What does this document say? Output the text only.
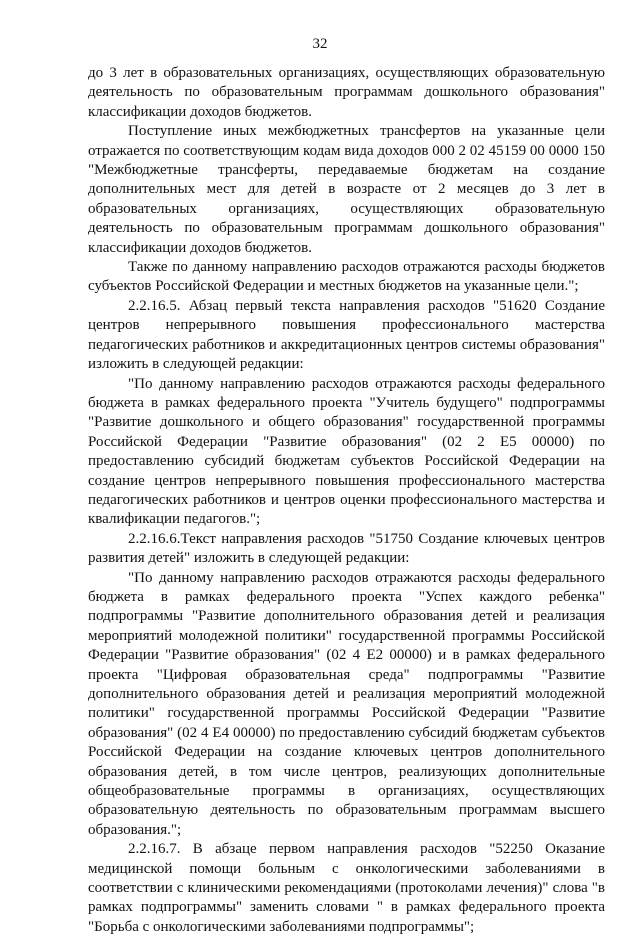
32

до 3 лет в образовательных организациях, осуществляющих образовательную деятельность по образовательным программам дошкольного образования" классификации доходов бюджетов.

Поступление иных межбюджетных трансфертов на указанные цели отражается по соответствующим кодам вида доходов 000 2 02 45159 00 0000 150 "Межбюджетные трансферты, передаваемые бюджетам на создание дополнительных мест для детей в возрасте от 2 месяцев до 3 лет в образовательных организациях, осуществляющих образовательную деятельность по образовательным программам дошкольного образования" классификации доходов бюджетов.

Также по данному направлению расходов отражаются расходы бюджетов субъектов Российской Федерации и местных бюджетов на указанные цели.";

2.2.16.5. Абзац первый текста направления расходов "51620 Создание центров непрерывного повышения профессионального мастерства педагогических работников и аккредитационных центров системы образования" изложить в следующей редакции:

"По данному направлению расходов отражаются расходы федерального бюджета в рамках федерального проекта "Учитель будущего" подпрограммы "Развитие дошкольного и общего образования" государственной программы Российской Федерации "Развитие образования" (02 2 Е5 00000) по предоставлению субсидий бюджетам субъектов Российской Федерации на создание центров непрерывного повышения профессионального мастерства педагогических работников и центров оценки профессионального мастерства и квалификации педагогов.";

2.2.16.6.Текст направления расходов "51750 Создание ключевых центров развития детей" изложить в следующей редакции:

"По данному направлению расходов отражаются расходы федерального бюджета в рамках федерального проекта "Успех каждого ребенка" подпрограммы "Развитие дополнительного образования детей и реализация мероприятий молодежной политики" государственной программы Российской Федерации "Развитие образования" (02 4 Е2 00000) и в рамках федерального проекта "Цифровая образовательная среда" подпрограммы "Развитие дополнительного образования детей и реализация мероприятий молодежной политики" государственной программы Российской Федерации "Развитие образования" (02 4 Е4 00000) по предоставлению субсидий бюджетам субъектов Российской Федерации на создание ключевых центров дополнительного образования детей, в том числе центров, реализующих дополнительные общеобразовательные программы в организациях, осуществляющих образовательную деятельность по образовательным программам высшего образования.";

2.2.16.7. В абзаце первом направления расходов "52250 Оказание медицинской помощи больным с онкологическими заболеваниями в соответствии с клиническими рекомендациями (протоколами лечения)" слова "в рамках подпрограммы" заменить словами " в рамках федерального проекта "Борьба с онкологическими заболеваниями подпрограммы";
